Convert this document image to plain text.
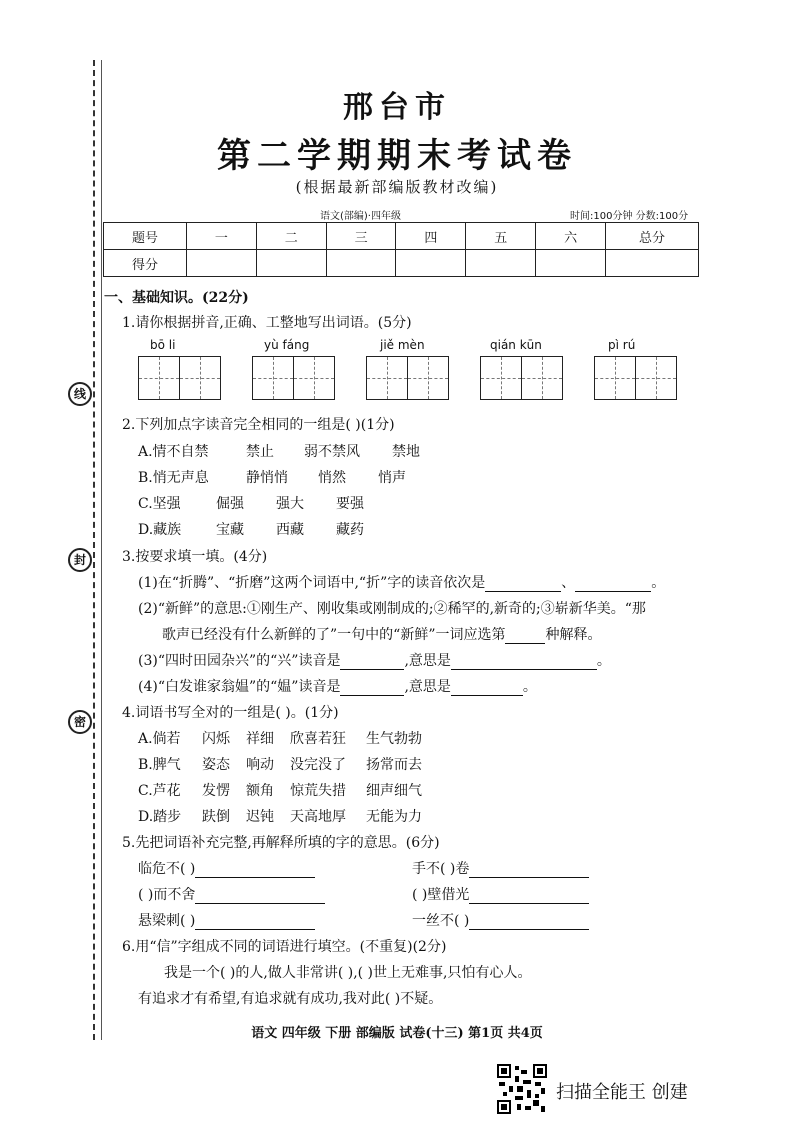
线
封
密
邢台市
第二学期期末考试卷
(根据最新部编版教材改编)
语文(部编)·四年级	时间:100分钟 分数:100分
题号	一	二	三	四	五	六	总分
得分							
一、基础知识。(22分)
1.请你根据拼音,正确、工整地写出词语。(5分)
bō li	yù fáng	jiě mèn	qián kūn	pì rú
2.下列加点字读音完全相同的一组是( )(1分)
A.情不自禁	禁止 弱不禁风 禁地
B.悄无声息	静悄悄 悄然 悄声
C.坚强	倔强 强大 要强
D.藏族 宝藏 西藏 藏药
3.按要求填一填。(4分)
(1)在“折腾”、“折磨”这两个词语中,“折”字的读音依次是	、	。
(2)“新鲜”的意思:①刚生产、刚收集或刚制成的;②稀罕的,新奇的;③崭新华美。“那
歌声已经没有什么新鲜的了”一句中的“新鲜”一词应选第	种解释。
(3)“四时田园杂兴”的“兴”读音是	,意思是	。
(4)“白发谁家翁媪”的“媪”读音是	,意思是	。
4.词语书写全对的一组是( )。(1分)
A.倘若 闪烁 祥细 欣喜若狂 生气勃勃
B.脾气 姿态 响动 没完没了 扬常而去
C.芦花 发愣 额角 惊荒失措 细声细气
D.踏步 趺倒 迟钝 天高地厚 无能为力
5.先把词语补充完整,再解释所填的字的意思。(6分)
临危不( )	手不( )卷
( )而不舍	( )壁借光
悬梁刺( )	一丝不( )
6.用“信”字组成不同的词语进行填空。(不重复)(2分)
我是一个( )的人,做人非常讲( ),( )世上无难事,只怕有心人。
有追求才有希望,有追求就有成功,我对此( )不疑。
语文 四年级 下册 部编版 试卷(十三) 第1页 共4页
扫描全能王 创建
